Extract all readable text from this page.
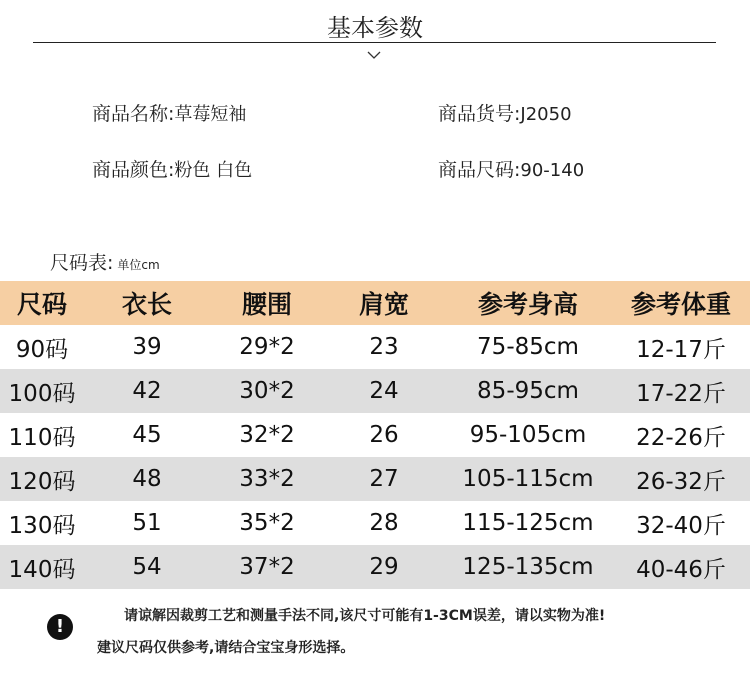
基本参数
商品名称:草莓短袖	商品货号:J2050
商品颜色:粉色 白色	商品尺码:90-140
尺码表: 单位cm
尺码	衣长	腰围	肩宽	参考身高	参考体重
90码	39	29*2	23	75-85cm	12-17斤
100码	42	30*2	24	85-95cm	17-22斤
110码	45	32*2	26	95-105cm	22-26斤
120码	48	33*2	27	105-115cm	26-32斤
130码	51	35*2	28	115-125cm	32-40斤
140码	54	37*2	29	125-135cm	40-46斤
!	请谅解因裁剪工艺和测量手法不同,该尺寸可能有1-3CM误差，请以实物为准!
建议尺码仅供参考,请结合宝宝身形选择。
